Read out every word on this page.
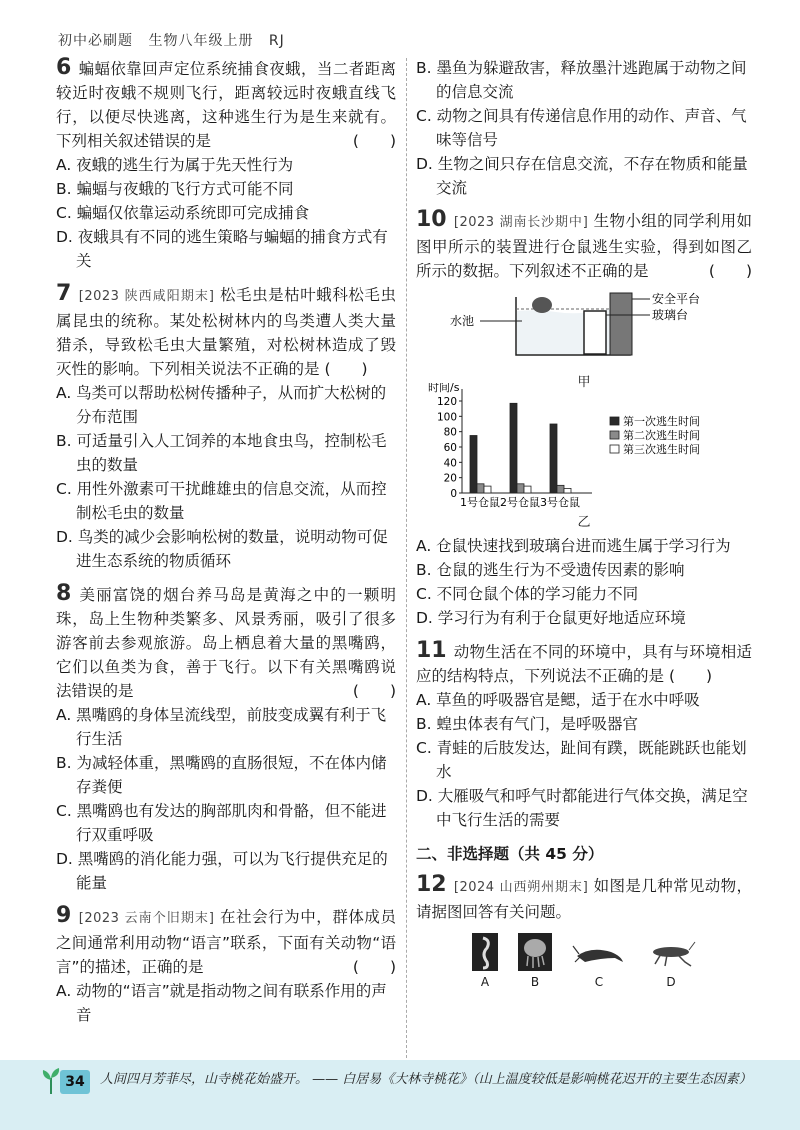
初中必刷题 生物八年级上册 RJ
6 蝙蝠依靠回声定位系统捕食夜蛾，当二者距离较近时夜蛾不规则飞行，距离较远时夜蛾直线飞行，以便尽快逃离，这种逃生行为是生来就有。下列相关叙述错误的是	(　　)
A. 夜蛾的逃生行为属于先天性行为
B. 蝙蝠与夜蛾的飞行方式可能不同
C. 蝙蝠仅依靠运动系统即可完成捕食
D. 夜蛾具有不同的逃生策略与蝙蝠的捕食方式有关
7 [2023 陕西咸阳期末] 松毛虫是枯叶蛾科松毛虫属昆虫的统称。某处松树林内的鸟类遭人类大量猎杀，导致松毛虫大量繁殖，对松树林造成了毁灭性的影响。下列相关说法不正确的是 (　　)
A. 鸟类可以帮助松树传播种子，从而扩大松树的分布范围
B. 可适量引入人工饲养的本地食虫鸟，控制松毛虫的数量
C. 用性外激素可干扰雌雄虫的信息交流，从而控制松毛虫的数量
D. 鸟类的减少会影响松树的数量，说明动物可促进生态系统的物质循环
8 美丽富饶的烟台养马岛是黄海之中的一颗明珠，岛上生物种类繁多、风景秀丽，吸引了很多游客前去参观旅游。岛上栖息着大量的黑嘴鸥，它们以鱼类为食，善于飞行。以下有关黑嘴鸥说法错误的是	(　　)
A. 黑嘴鸥的身体呈流线型，前肢变成翼有利于飞行生活
B. 为减轻体重，黑嘴鸥的直肠很短，不在体内储存粪便
C. 黑嘴鸥也有发达的胸部肌肉和骨骼，但不能进行双重呼吸
D. 黑嘴鸥的消化能力强，可以为飞行提供充足的能量
9 [2023 云南个旧期末] 在社会行为中，群体成员之间通常利用动物“语言”联系，下面有关动物“语言”的描述，正确的是	(　　)
A. 动物的“语言”就是指动物之间有联系作用的声音
B. 墨鱼为躲避敌害，释放墨汁逃跑属于动物之间的信息交流
C. 动物之间具有传递信息作用的动作、声音、气味等信号
D. 生物之间只存在信息交流，不存在物质和能量交流
10 [2023 湖南长沙期中] 生物小组的同学利用如图甲所示的装置进行仓鼠逃生实验，得到如图乙所示的数据。下列叙述不正确的是	(　　)
安全平台
玻璃台
水池
甲
时间/s
0
20
40
60
80
100
120
1号仓鼠 2号仓鼠 3号仓鼠
第一次逃生时间
第二次逃生时间
第三次逃生时间
乙
A. 仓鼠快速找到玻璃台进而逃生属于学习行为
B. 仓鼠的逃生行为不受遗传因素的影响
C. 不同仓鼠个体的学习能力不同
D. 学习行为有利于仓鼠更好地适应环境
11 动物生活在不同的环境中，具有与环境相适应的结构特点，下列说法不正确的是 (　　)
A. 草鱼的呼吸器官是鳃，适于在水中呼吸
B. 蝗虫体表有气门，是呼吸器官
C. 青蛙的后肢发达，趾间有蹼，既能跳跃也能划水
D. 大雁吸气和呼气时都能进行气体交换，满足空中飞行生活的需要
二、非选择题（共 45 分）
12 [2024 山西朔州期末] 如图是几种常见动物，请据图回答有关问题。
A	B	C	D
34	人间四月芳菲尽，山寺桃花始盛开。 —— 白居易《大林寺桃花》（山上温度较低是影响桃花迟开的主要生态因素）
